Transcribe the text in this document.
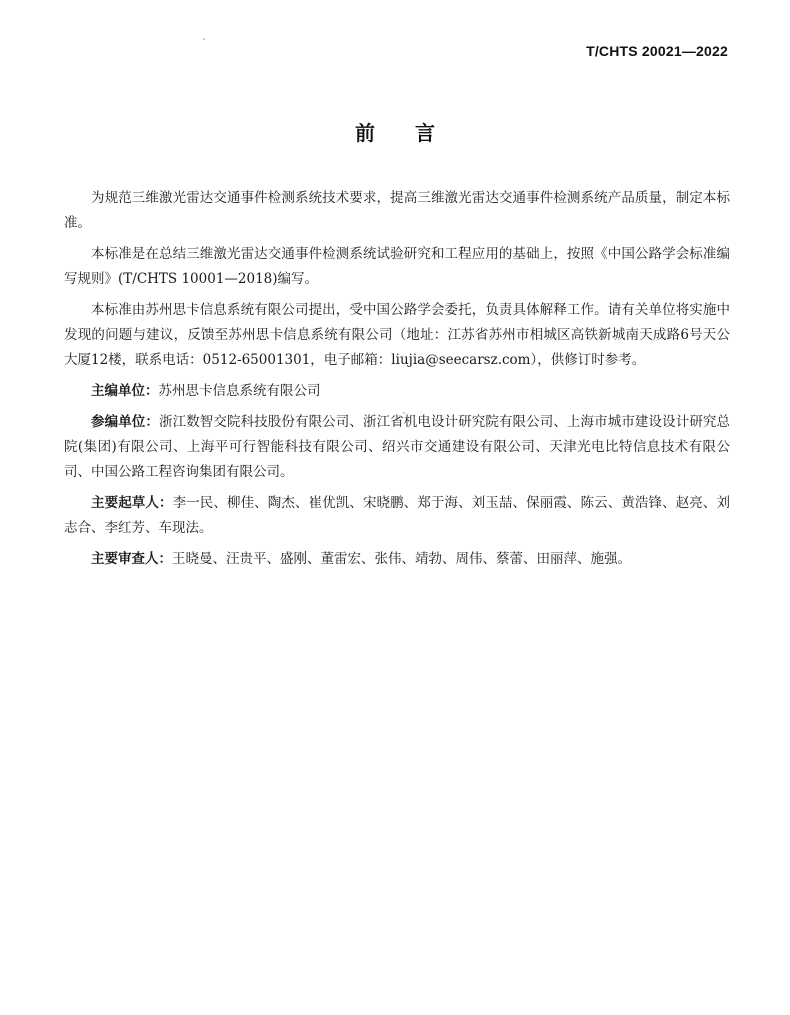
T/CHTS 20021—2022
前言

为规范三维激光雷达交通事件检测系统技术要求，提高三维激光雷达交通事件检测系统产品质量，制定本标准。

本标准是在总结三维激光雷达交通事件检测系统试验研究和工程应用的基础上，按照《中国公路学会标准编写规则》(T/CHTS 10001—2018)编写。

本标准由苏州思卡信息系统有限公司提出，受中国公路学会委托，负责具体解释工作。请有关单位将实施中发现的问题与建议，反馈至苏州思卡信息系统有限公司（地址：江苏省苏州市相城区高铁新城南天成路6号天公大厦12楼，联系电话：0512-65001301，电子邮箱：liujia@seecarsz.com），供修订时参考。

主编单位：苏州思卡信息系统有限公司

参编单位：浙江数智交院科技股份有限公司、浙江省机电设计研究院有限公司、上海市城市建设设计研究总院(集团)有限公司、上海平可行智能科技有限公司、绍兴市交通建设有限公司、天津光电比特信息技术有限公司、中国公路工程咨询集团有限公司。

主要起草人：李一民、柳佳、陶杰、崔优凯、宋晓鹏、郑于海、刘玉喆、保丽霞、陈云、黄浩锋、赵亮、刘志合、李红芳、车现法。

主要审查人：王晓曼、汪贵平、盛刚、董雷宏、张伟、靖勃、周伟、蔡蕾、田丽萍、施强。
